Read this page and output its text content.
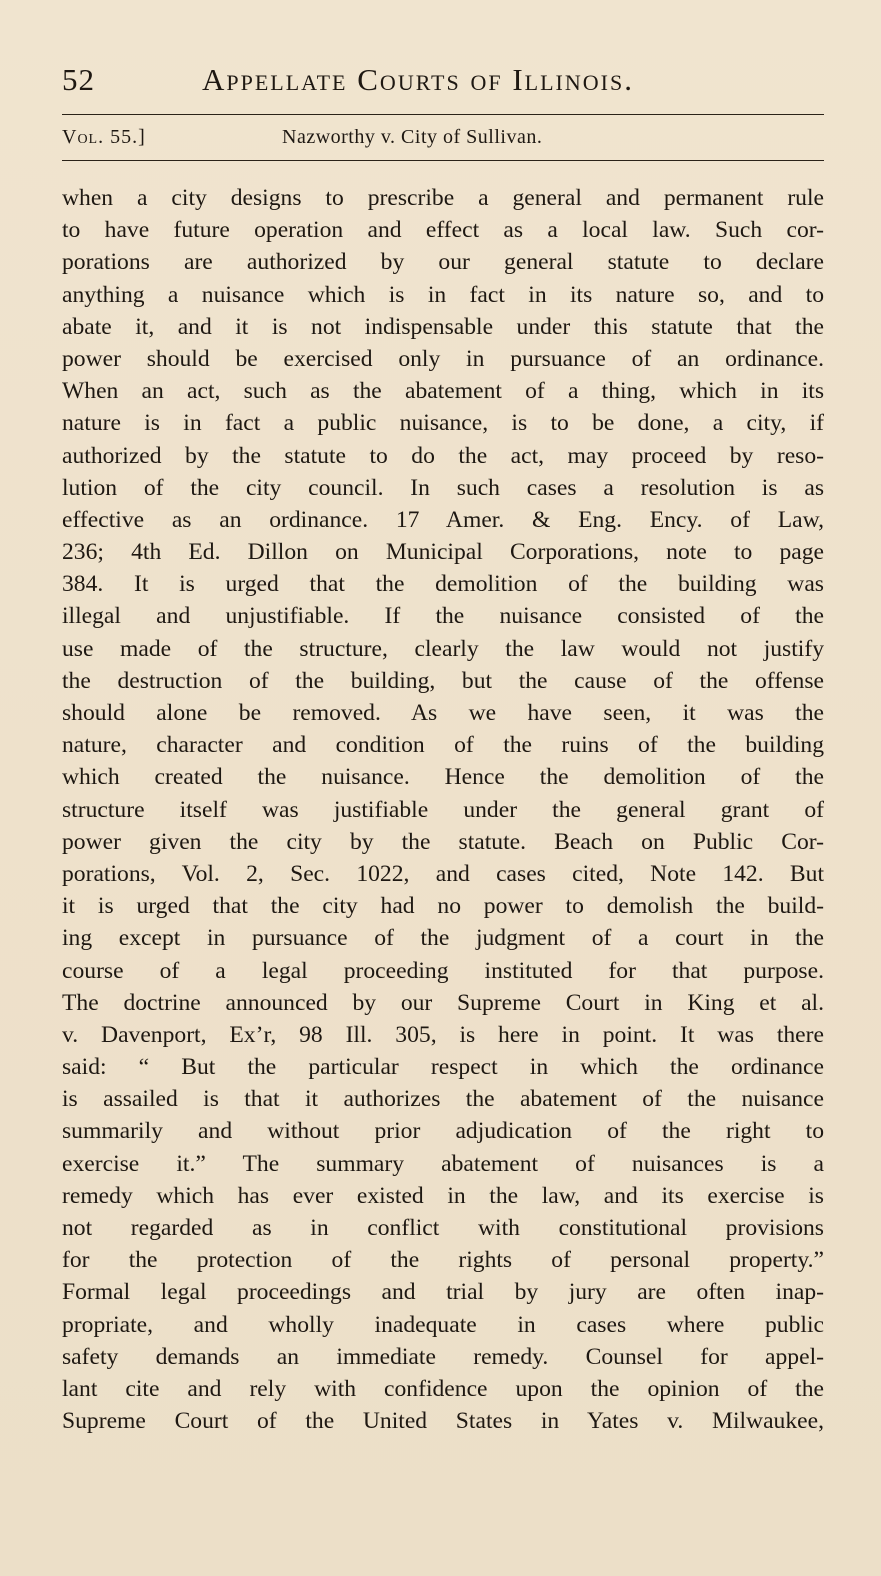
52	Appellate Courts of Illinois.
Vol. 55.]	Nazworthy v. City of Sullivan.
when a city designs to prescribe a general and permanent rule
to have future operation and effect as a local law. Such cor-
porations are authorized by our general statute to declare
anything a nuisance which is in fact in its nature so, and to
abate it, and it is not indispensable under this statute that the
power should be exercised only in pursuance of an ordinance.
When an act, such as the abatement of a thing, which in its
nature is in fact a public nuisance, is to be done, a city, if
authorized by the statute to do the act, may proceed by reso-
lution of the city council. In such cases a resolution is as
effective as an ordinance. 17 Amer. & Eng. Ency. of Law,
236; 4th Ed. Dillon on Municipal Corporations, note to page
384. It is urged that the demolition of the building was
illegal and unjustifiable. If the nuisance consisted of the
use made of the structure, clearly the law would not justify
the destruction of the building, but the cause of the offense
should alone be removed. As we have seen, it was the
nature, character and condition of the ruins of the building
which created the nuisance. Hence the demolition of the
structure itself was justifiable under the general grant of
power given the city by the statute. Beach on Public Cor-
porations, Vol. 2, Sec. 1022, and cases cited, Note 142. But
it is urged that the city had no power to demolish the build-
ing except in pursuance of the judgment of a court in the
course of a legal proceeding instituted for that purpose.
The doctrine announced by our Supreme Court in King et al.
v. Davenport, Ex’r, 98 Ill. 305, is here in point. It was there
said: “ But the particular respect in which the ordinance
is assailed is that it authorizes the abatement of the nuisance
summarily and without prior adjudication of the right to
exercise it.” The summary abatement of nuisances is a
remedy which has ever existed in the law, and its exercise is
not regarded as in conflict with constitutional provisions
for the protection of the rights of personal property.”
Formal legal proceedings and trial by jury are often inap-
propriate, and wholly inadequate in cases where public
safety demands an immediate remedy. Counsel for appel-
lant cite and rely with confidence upon the opinion of the
Supreme Court of the United States in Yates v. Milwaukee,
